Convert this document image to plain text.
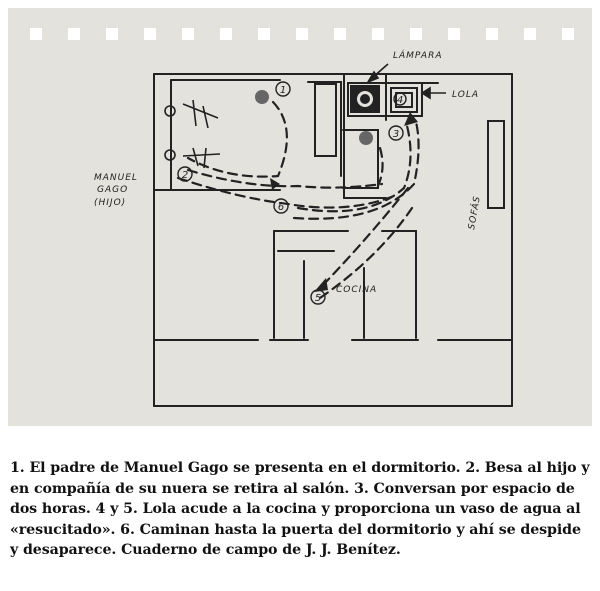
1
2
3
4
5
6
LÁMPARA
LOLA
MANUEL
GAGO
(HIJO)	SOFÁS
COCINA
1. El padre de Manuel Gago se presenta en el dormitorio. 2. Besa al hijo y en compañía de su nuera se retira al salón. 3. Conversan por espacio de dos horas. 4 y 5. Lola acude a la cocina y proporciona un vaso de agua al «resucitado». 6. Caminan hasta la puerta del dormitorio y ahí se despide y desaparece. Cuaderno de campo de J. J. Benítez.
